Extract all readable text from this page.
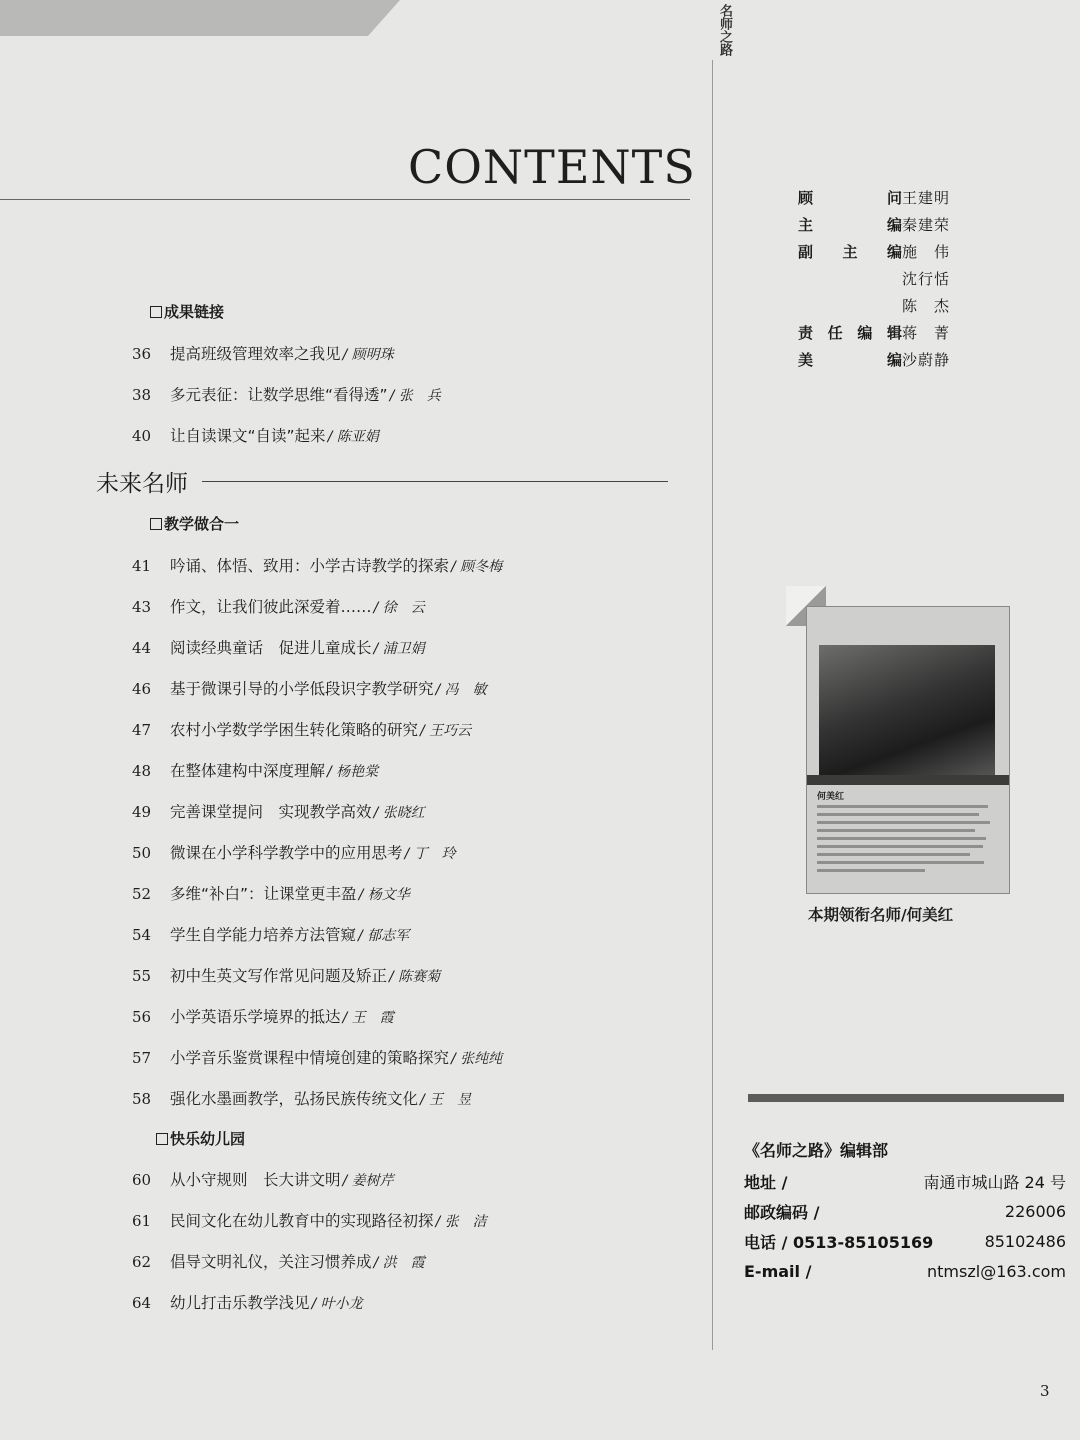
名师之路
CONTENTS
成果链接
36	提高班级管理效率之我见 / 顾明珠
38	多元表征：让数学思维“看得透” / 张　兵
40	让自读课文“自读”起来 / 陈亚娟
未来名师
教学做合一
41	吟诵、体悟、致用：小学古诗教学的探索 / 顾冬梅
43	作文，让我们彼此深爱着…… / 徐　云
44	阅读经典童话　促进儿童成长 / 浦卫娟
46	基于微课引导的小学低段识字教学研究 / 冯　敏
47	农村小学数学学困生转化策略的研究 / 王巧云
48	在整体建构中深度理解 / 杨艳棠
49	完善课堂提问　实现教学高效 / 张晓红
50	微课在小学科学教学中的应用思考 / 丁　玲
52	多维“补白”：让课堂更丰盈 / 杨文华
54	学生自学能力培养方法管窥 / 郁志军
55	初中生英文写作常见问题及矫正 / 陈赛菊
56	小学英语乐学境界的抵达 / 王　霞
57	小学音乐鉴赏课程中情境创建的策略探究 / 张纯纯
58	强化水墨画教学，弘扬民族传统文化 / 王　昱
快乐幼儿园
60	从小守规则　长大讲文明 / 姜树芹
61	民间文化在幼儿教育中的实现路径初探 / 张　洁
62	倡导文明礼仪，关注习惯养成 / 洪　霞
64	幼儿打击乐教学浅见 / 叶小龙
顾	问 王建明
主	编 秦建荣
副 主 编 施　伟
沈行恬
陈　杰
责 任 编 辑 蒋　菁
美	编 沙蔚静
何美红
本期领衔名师/何美红
《名师之路》编辑部
地址 /	南通市城山路 24 号
邮政编码 /	226006
电话 / 0513-85105169	85102486
E-mail /	ntmszl@163.com
3
